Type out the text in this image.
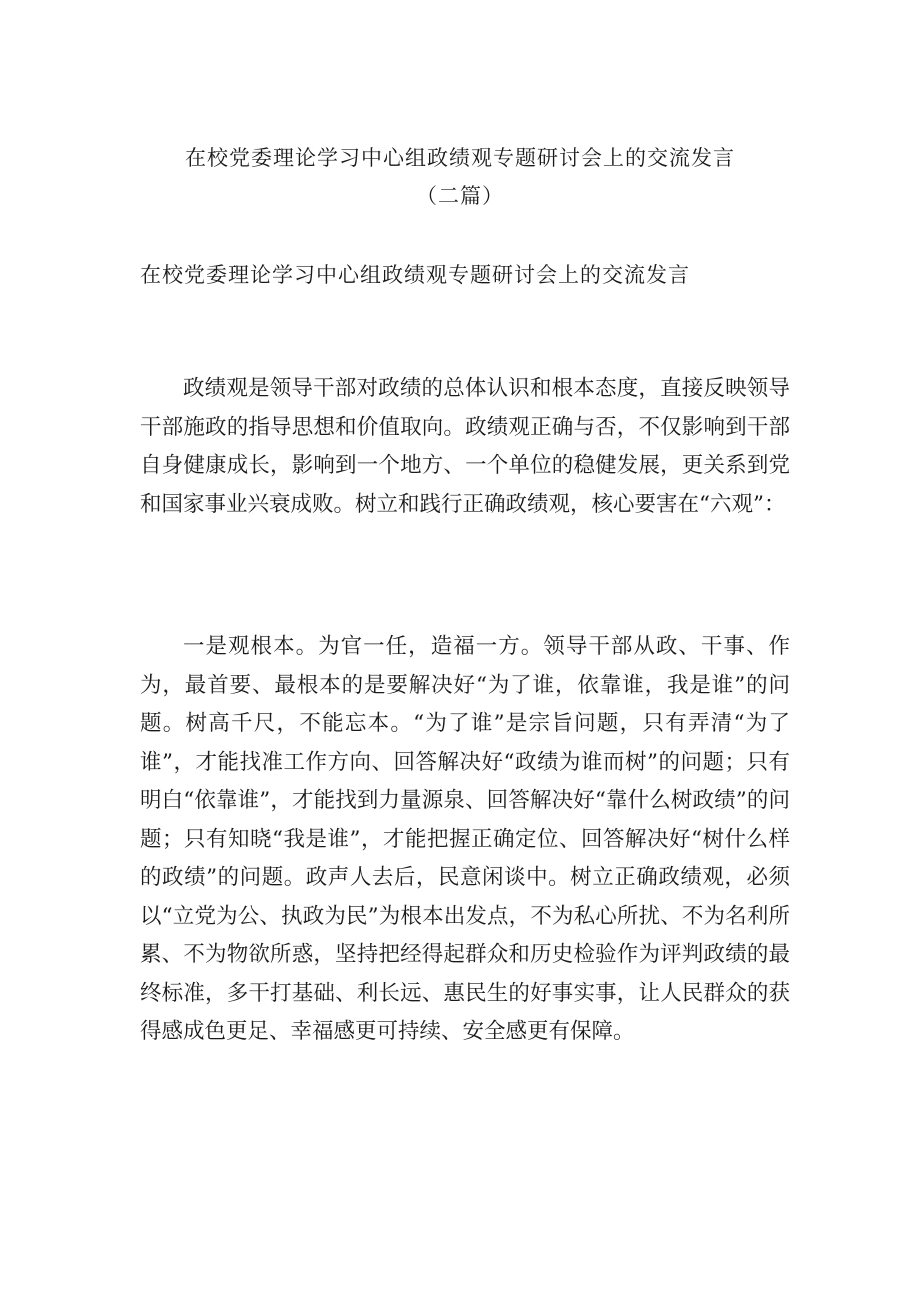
在校党委理论学习中心组政绩观专题研讨会上的交流发言
（二篇）
在校党委理论学习中心组政绩观专题研讨会上的交流发言

政绩观是领导干部对政绩的总体认识和根本态度，直接反映领导干部施政的指导思想和价值取向。政绩观正确与否，不仅影响到干部自身健康成长，影响到一个地方、一个单位的稳健发展，更关系到党和国家事业兴衰成败。树立和践行正确政绩观，核心要害在“六观”：

一是观根本。为官一任，造福一方。领导干部从政、干事、作为，最首要、最根本的是要解决好“为了谁，依靠谁，我是谁”的问题。树高千尺，不能忘本。“为了谁”是宗旨问题，只有弄清“为了谁”，才能找准工作方向、回答解决好“政绩为谁而树”的问题；只有明白“依靠谁”，才能找到力量源泉、回答解决好“靠什么树政绩”的问题；只有知晓“我是谁”，才能把握正确定位、回答解决好“树什么样的政绩”的问题。政声人去后，民意闲谈中。树立正确政绩观，必须以“立党为公、执政为民”为根本出发点，不为私心所扰、不为名利所累、不为物欲所惑，坚持把经得起群众和历史检验作为评判政绩的最终标准，多干打基础、利长远、惠民生的好事实事，让人民群众的获得感成色更足、幸福感更可持续、安全感更有保障。
